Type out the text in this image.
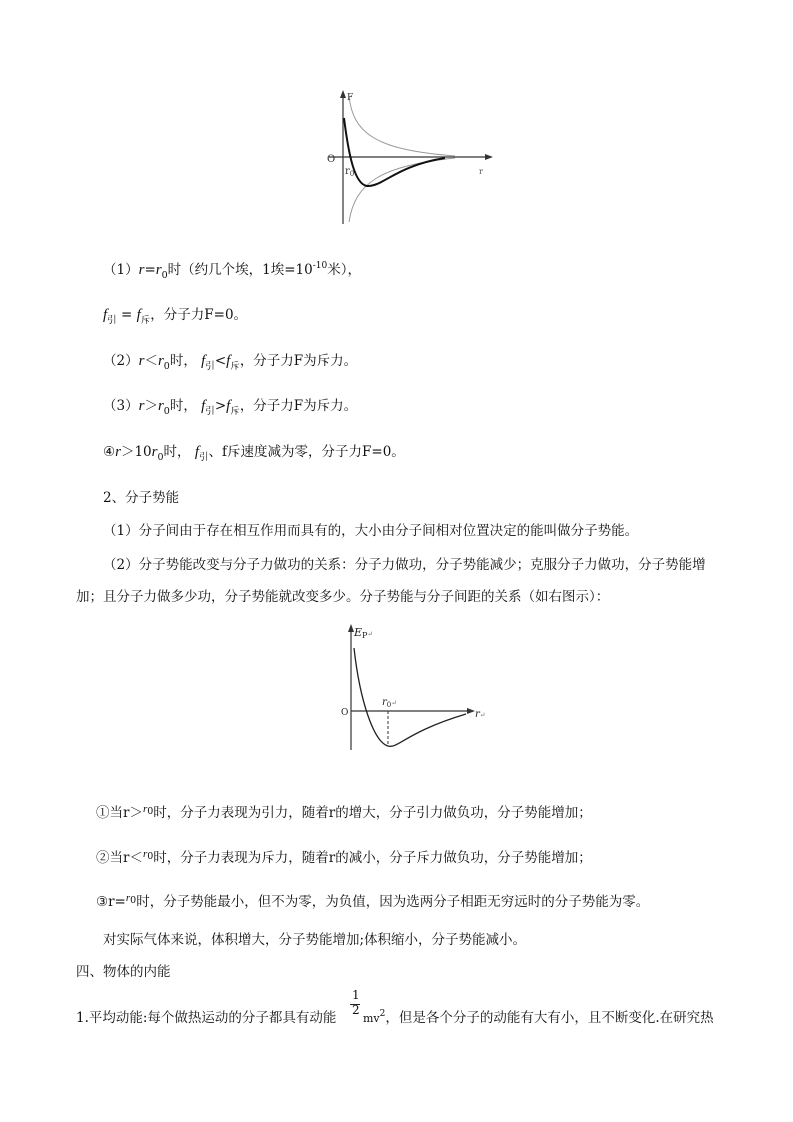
F
O
$r_0$	r
$(1)r=r_0$时（约几个埃，1埃$=10^{-10}$米），
$f_引 = f_斥$，分子力F=0。
$(2)r<r_0$时， $f_引<f_斥$，分子力F为斥力。
$(3)r>r_0$时， $f_引>f_斥$，分子力F为斥力。
$④r>10r_0$时， $f_引$、f斥速度减为零，分子力F=0。
2、分子势能
（1）分子间由于存在相互作用而具有的，大小由分子间相对位置决定的能叫做分子势能。
（2）分子势能改变与分子力做功的关系：分子力做功，分子势能减少；克服分子力做功，分子势能增
加；且分子力做多少功，分子势能就改变多少。分子势能与分子间距的关系（如右图示）：
EP↵
O
$r_0^↵$
r↵
①当r＞$^{r0}$时，分子力表现为引力，随着r的增大，分子引力做负功，分子势能增加；
②当r＜$^{r0}$时，分子力表现为斥力，随着r的减小，分子斥力做负功，分子势能增加；
③r=$^{r0}$时，分子势能最小，但不为零，为负值，因为选两分子相距无穷远时的分子势能为零。
对实际气体来说，体积增大，分子势能增加;体积缩小，分子势能减小。
四、物体的内能
1
2
1.平均动能:每个做热运动的分子都具有动能 $mv^2$，但是各个分子的动能有大有小，且不断变化.在研究热
